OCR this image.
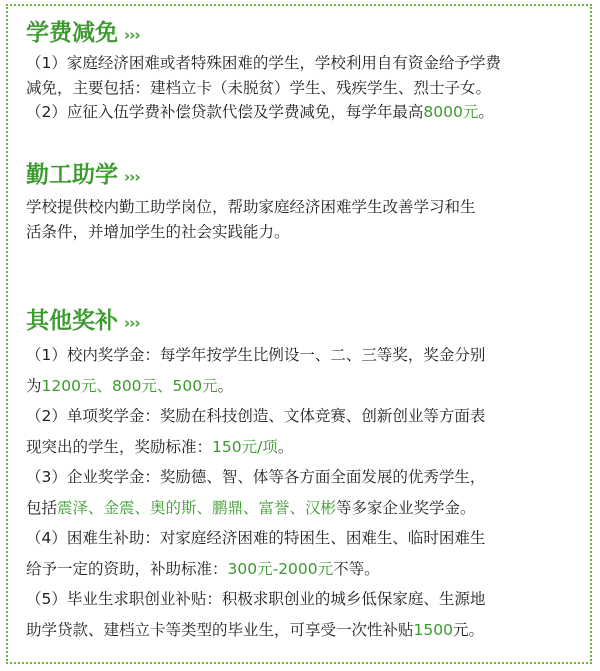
学费减免 ›››
（1）家庭经济困难或者特殊困难的学生，学校利用自有资金给予学费
减免，主要包括：建档立卡（未脱贫）学生、残疾学生、烈士子女。
（2）应征入伍学费补偿贷款代偿及学费减免，每学年最高8000元。
勤工助学 ›››
学校提供校内勤工助学岗位，帮助家庭经济困难学生改善学习和生
活条件，并增加学生的社会实践能力。
其他奖补 ›››
（1）校内奖学金：每学年按学生比例设一、二、三等奖，奖金分别
为1200元、800元、500元。
（2）单项奖学金：奖励在科技创造、文体竞赛、创新创业等方面表
现突出的学生，奖励标准：150元/项。
（3）企业奖学金：奖励德、智、体等各方面全面发展的优秀学生，
包括震泽、金震、奥的斯、鹏鼎、富誉、汉彬等多家企业奖学金。
（4）困难生补助：对家庭经济困难的特困生、困难生、临时困难生
给予一定的资助，补助标准：300元-2000元不等。
（5）毕业生求职创业补贴：积极求职创业的城乡低保家庭、生源地
助学贷款、建档立卡等类型的毕业生，可享受一次性补贴1500元。
